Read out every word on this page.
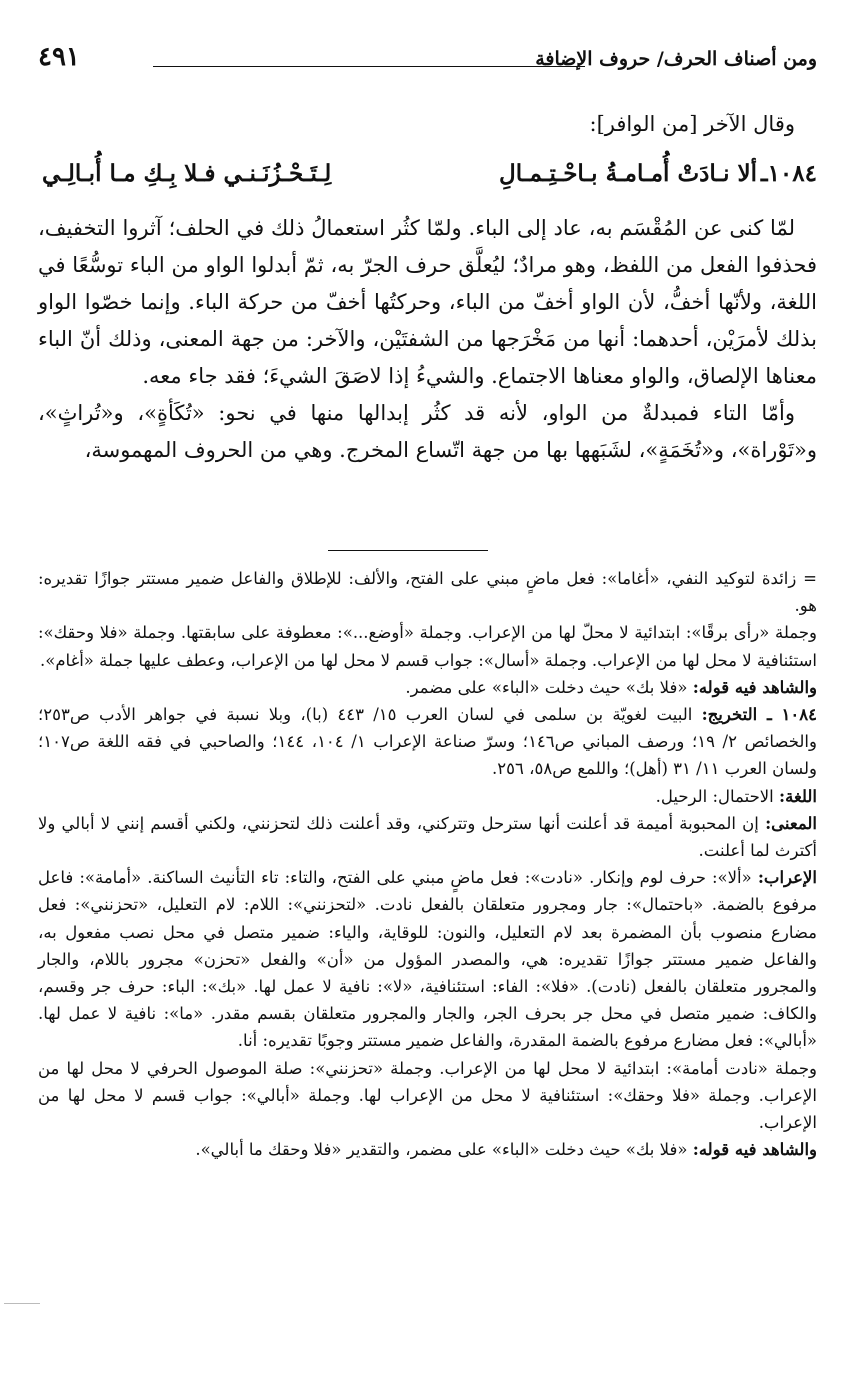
ومن أصناف الحرف/ حروف الإضافة
٤٩١
وقال الآخر [من الوافر]:
١٠٨٤ـ
ألا نـادَتْ أُمـامـةُ بـاحْـتِـمـالِ
لِـتَـحْـزُنَـنـي فـلا بِـكِ مـا أُبـالِـي

لمّا كنى عن المُقْسَم به، عاد إلى الباء. ولمّا كثُر استعمالُ ذلك في الحلف؛ آثروا التخفيف، فحذفوا الفعل من اللفظ، وهو مرادٌ؛ ليُعلَّق حرف الجرّ به، ثمّ أبدلوا الواو من الباء توسُّعًا في اللغة، ولأنّها أخفُّ، لأن الواو أخفّ من الباء، وحركتُها أخفّ من حركة الباء. وإنما خصّوا الواو بذلك لأمرَيْن، أحدهما: أنها من مَخْرَجها من الشفتَيْن، والآخر: من جهة المعنى، وذلك أنّ الباء معناها الإلصاق، والواو معناها الاجتماع. والشيءُ إذا لاصَقَ الشيءَ؛ فقد جاء معه.

وأمّا التاء فمبدلةٌ من الواو، لأنه قد كثُر إبدالها منها في نحو: «تُكَأةٍ»، و«تُراثٍ»، و«تَوْراة»، و«تُخَمَةٍ»، لشَبَهها بها من جهة اتّساع المخرج. وهي من الحروف المهموسة،

= زائدة لتوكيد النفي، «أغاما»: فعل ماضٍ مبني على الفتح، والألف: للإطلاق والفاعل ضمير مستتر جوازًا تقديره: هو.

وجملة «رأى برقًا»: ابتدائية لا محلّ لها من الإعراب. وجملة «أوضع...»: معطوفة على سابقتها. وجملة «فلا وحقك»: استئنافية لا محل لها من الإعراب. وجملة «أسال»: جواب قسم لا محل لها من الإعراب، وعطف عليها جملة «أغام».

والشاهد فيه قوله: «فلا بك» حيث دخلت «الباء» على مضمر.

١٠٨٤ ـ التخريج: البيت لغويّة بن سلمى في لسان العرب ١٥/ ٤٤٣ (با)، وبلا نسبة في جواهر الأدب ص٢٥٣؛ والخصائص ٢/ ١٩؛ ورصف المباني ص١٤٦؛ وسرّ صناعة الإعراب ١/ ١٠٤، ١٤٤؛ والصاحبي في فقه اللغة ص١٠٧؛ ولسان العرب ١١/ ٣١ (أهل)؛ واللمع ص٥٨، ٢٥٦.

اللغة: الاحتمال: الرحيل.

المعنى: إن المحبوبة أميمة قد أعلنت أنها سترحل وتتركني، وقد أعلنت ذلك لتحزنني، ولكني أقسم إنني لا أبالي ولا أكترث لما أعلنت.

الإعراب: «ألا»: حرف لوم وإنكار. «نادت»: فعل ماضٍ مبني على الفتح، والتاء: تاء التأنيث الساكنة. «أمامة»: فاعل مرفوع بالضمة. «باحتمال»: جار ومجرور متعلقان بالفعل نادت. «لتحزنني»: اللام: لام التعليل، «تحزنني»: فعل مضارع منصوب بأن المضمرة بعد لام التعليل، والنون: للوقاية، والياء: ضمير متصل في محل نصب مفعول به، والفاعل ضمير مستتر جوازًا تقديره: هي، والمصدر المؤول من «أن» والفعل «تحزن» مجرور باللام، والجار والمجرور متعلقان بالفعل (نادت). «فلا»: الفاء: استئنافية، «لا»: نافية لا عمل لها. «بك»: الباء: حرف جر وقسم، والكاف: ضمير متصل في محل جر بحرف الجر، والجار والمجرور متعلقان بقسم مقدر. «ما»: نافية لا عمل لها. «أبالي»: فعل مضارع مرفوع بالضمة المقدرة، والفاعل ضمير مستتر وجوبًا تقديره: أنا.

وجملة «نادت أمامة»: ابتدائية لا محل لها من الإعراب. وجملة «تحزنني»: صلة الموصول الحرفي لا محل لها من الإعراب. وجملة «فلا وحقك»: استئنافية لا محل من الإعراب لها. وجملة «أبالي»: جواب قسم لا محل لها من الإعراب.

والشاهد فيه قوله: «فلا بك» حيث دخلت «الباء» على مضمر، والتقدير «فلا وحقك ما أبالي».
